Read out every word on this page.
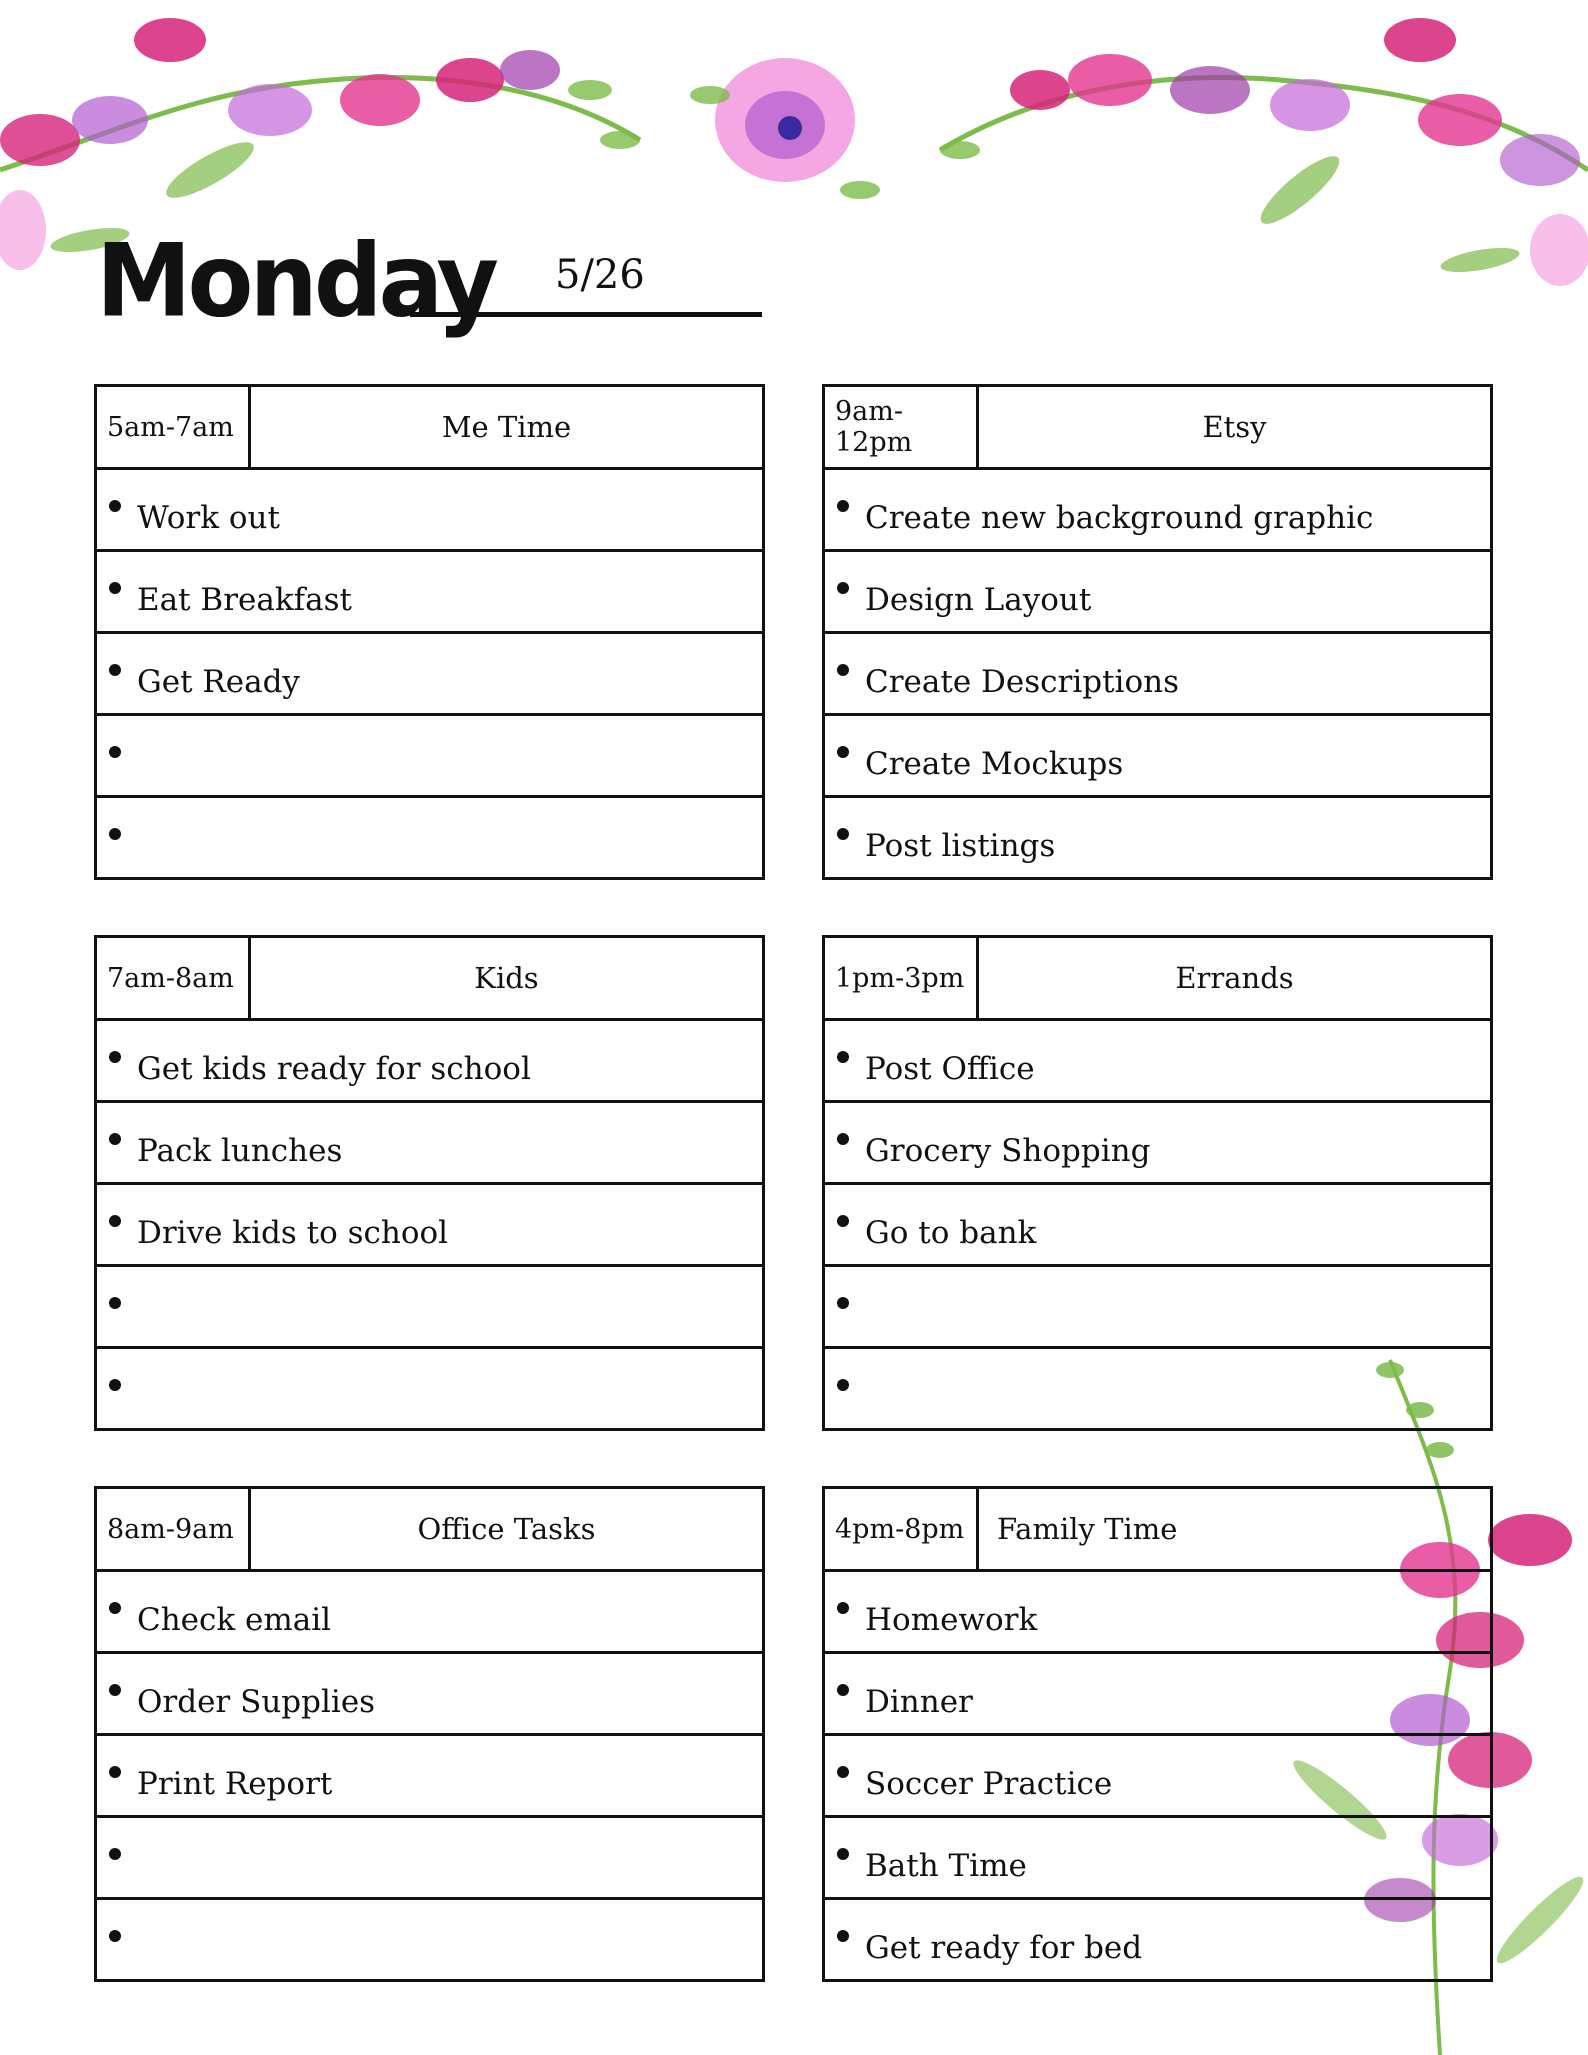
Monday 5/26
5am-7am	Me Time
Work out
Eat Breakfast
Get Ready
9am-12pm	Etsy
Create new background graphic
Design Layout
Create Descriptions
Create Mockups
Post listings
7am-8am	Kids
Get kids ready for school
Pack lunches
Drive kids to school
1pm-3pm	Errands
Post Office
Grocery Shopping
Go to bank
8am-9am	Office Tasks
Check email
Order Supplies
Print Report
4pm-8pm	Family Time
Homework
Dinner
Soccer Practice
Bath Time
Get ready for bed
